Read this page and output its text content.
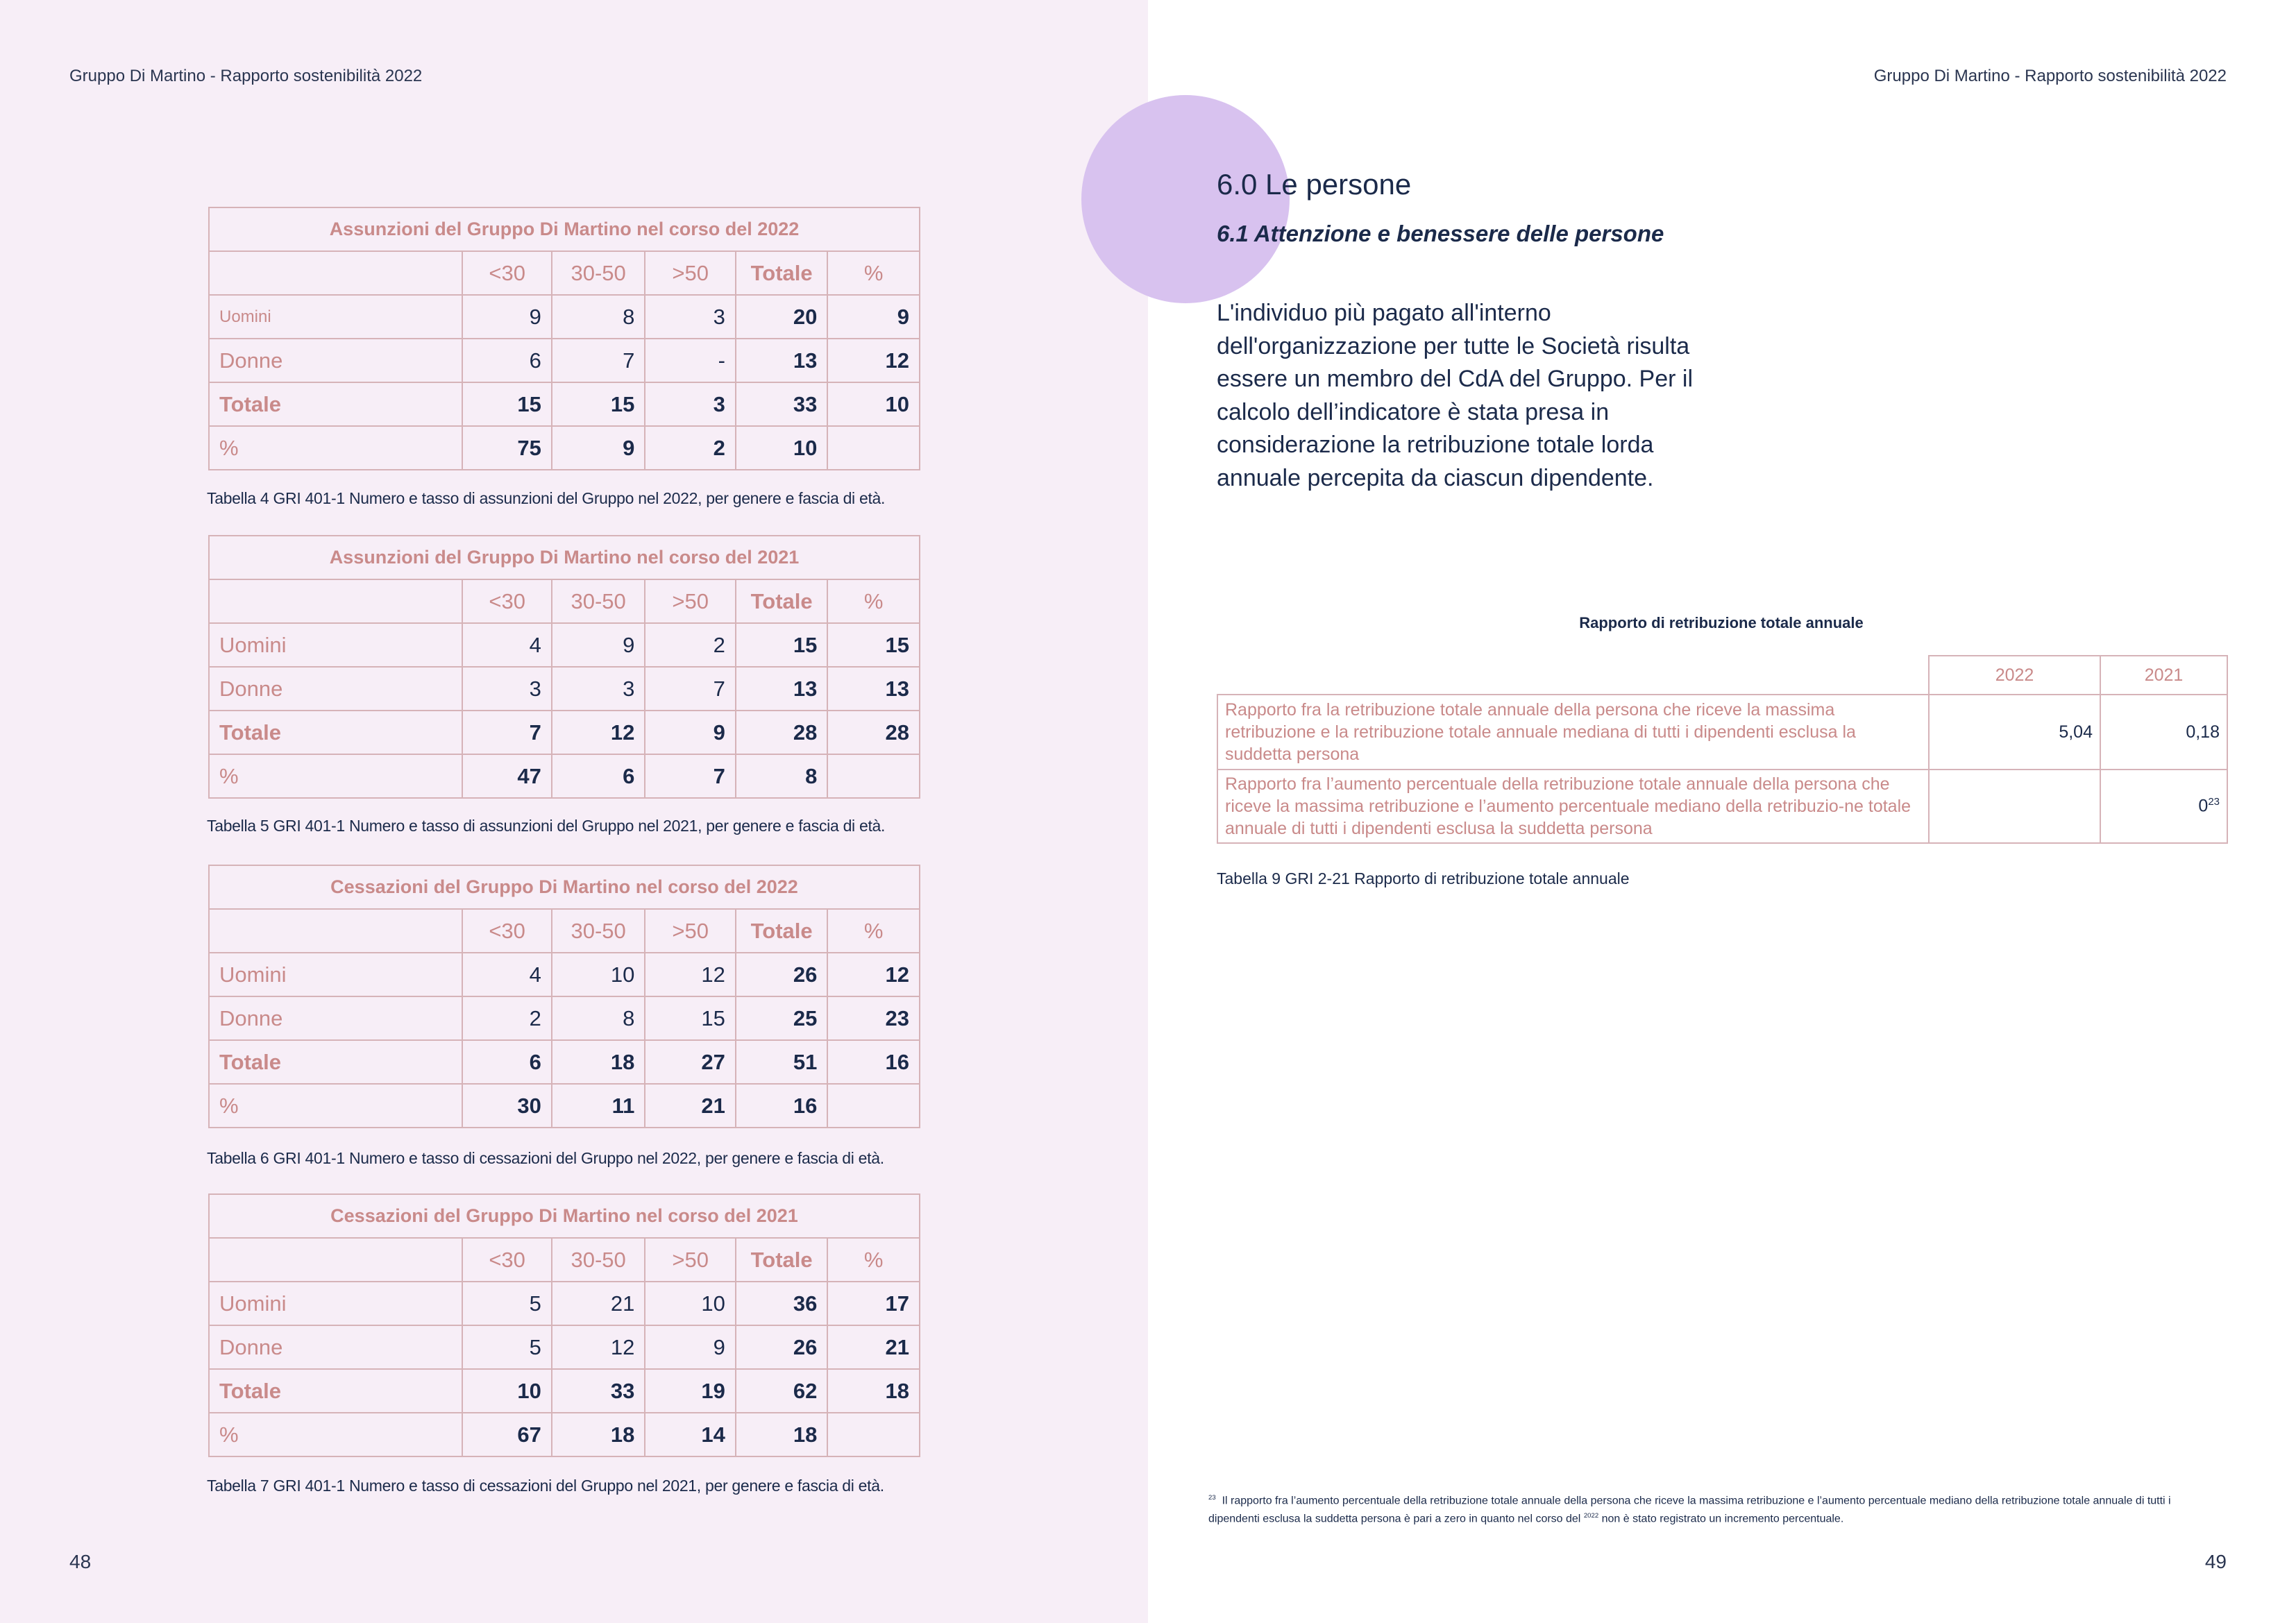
Gruppo Di Martino - Rapporto sostenibilità 2022
Assunzioni del Gruppo Di Martino nel corso del 2022					
	<30	30-50	>50	Totale	%
Uomini	9	8	3	20	9
Donne	6	7	-	13	12
Totale	15	15	3	33	10
%	75	9	2	10	
Tabella 4 GRI 401-1 Numero e tasso di assunzioni del Gruppo nel 2022, per genere e fascia di età.
Assunzioni del Gruppo Di Martino nel corso del 2021					
	<30	30-50	>50	Totale	%
Uomini	4	9	2	15	15
Donne	3	3	7	13	13
Totale	7	12	9	28	28
%	47	6	7	8	
Tabella 5 GRI 401-1 Numero e tasso di assunzioni del Gruppo nel 2021, per genere e fascia di età.
Cessazioni del Gruppo Di Martino nel corso del 2022					
	<30	30-50	>50	Totale	%
Uomini	4	10	12	26	12
Donne	2	8	15	25	23
Totale	6	18	27	51	16
%	30	11	21	16	
Tabella 6 GRI 401-1 Numero e tasso di cessazioni del Gruppo nel 2022, per genere e fascia di età.
Cessazioni del Gruppo Di Martino nel corso del 2021					
	<30	30-50	>50	Totale	%
Uomini	5	21	10	36	17
Donne	5	12	9	26	21
Totale	10	33	19	62	18
%	67	18	14	18	
Tabella 7 GRI 401-1 Numero e tasso di cessazioni del Gruppo nel 2021, per genere e fascia di età.
48
Gruppo Di Martino - Rapporto sostenibilità 2022
49
6.0 Le persone
6.1 Attenzione e benessere delle persone
L'individuo più pagato all'interno dell'organizzazione per tutte le Società risulta essere un membro del CdA del Gruppo. Per il calcolo dell’indicatore è stata presa in considerazione la retribuzione totale lorda annuale percepita da ciascun dipendente.
Rapporto di retribuzione totale annuale
	2022	2021
Rapporto fra la retribuzione totale annuale della persona che riceve la massima retribuzione e la retribuzione totale annuale mediana di tutti i dipendenti esclusa la suddetta persona	5,04	0,18
Rapporto fra l’aumento percentuale della retribuzione totale annuale della persona che riceve la massima retribuzione e l’aumento percentuale mediano della retribuzio-ne totale annuale di tutti i dipendenti esclusa la suddetta persona		$0^{23}$
Tabella 9 GRI 2-21 Rapporto di retribuzione totale annuale
$^{23}$ Il rapporto fra l’aumento percentuale della retribuzione totale annuale della persona che riceve la massima retribuzione e l’aumento percentuale mediano della retribuzione totale annuale di tutti i dipendenti esclusa la suddetta persona è pari a zero in quanto nel corso del $^{2022}$ non è stato registrato un incremento percentuale.
